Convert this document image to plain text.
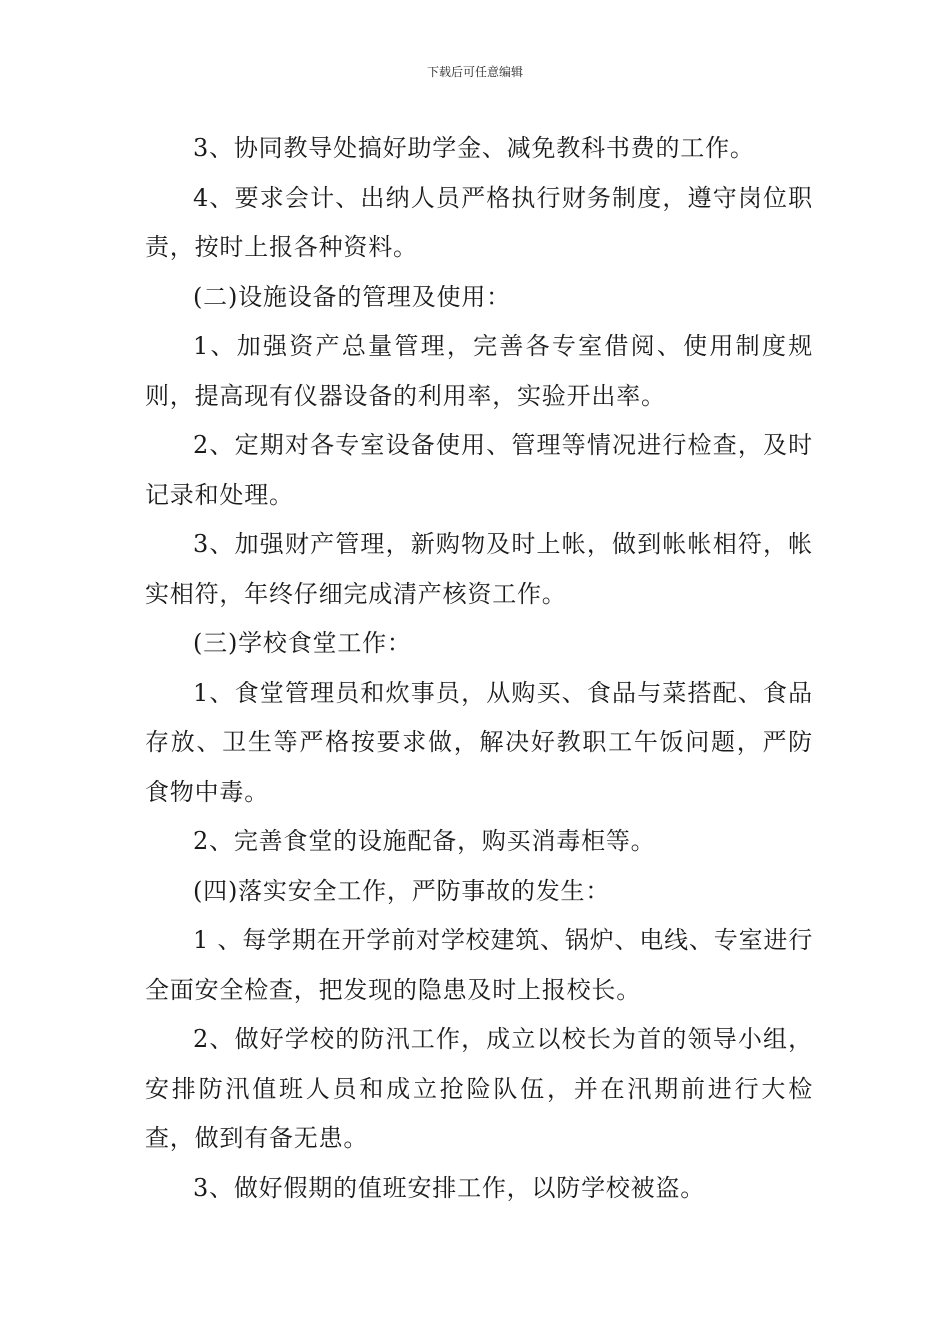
下载后可任意编辑

3、协同教导处搞好助学金、减免教科书费的工作。

4、要求会计、出纳人员严格执行财务制度，遵守岗位职责，按时上报各种资料。

(二)设施设备的管理及使用：

1、加强资产总量管理，完善各专室借阅、使用制度规则，提高现有仪器设备的利用率，实验开出率。

2、定期对各专室设备使用、管理等情况进行检查，及时记录和处理。

3、加强财产管理，新购物及时上帐，做到帐帐相符，帐实相符，年终仔细完成清产核资工作。

(三)学校食堂工作：

1、食堂管理员和炊事员，从购买、食品与菜搭配、食品存放、卫生等严格按要求做，解决好教职工午饭问题，严防食物中毒。

2、完善食堂的设施配备，购买消毒柜等。

(四)落实安全工作，严防事故的发生：

1 、每学期在开学前对学校建筑、锅炉、电线、专室进行全面安全检查，把发现的隐患及时上报校长。

2、做好学校的防汛工作，成立以校长为首的领导小组，安排防汛值班人员和成立抢险队伍，并在汛期前进行大检查，做到有备无患。

3、做好假期的值班安排工作，以防学校被盗。
